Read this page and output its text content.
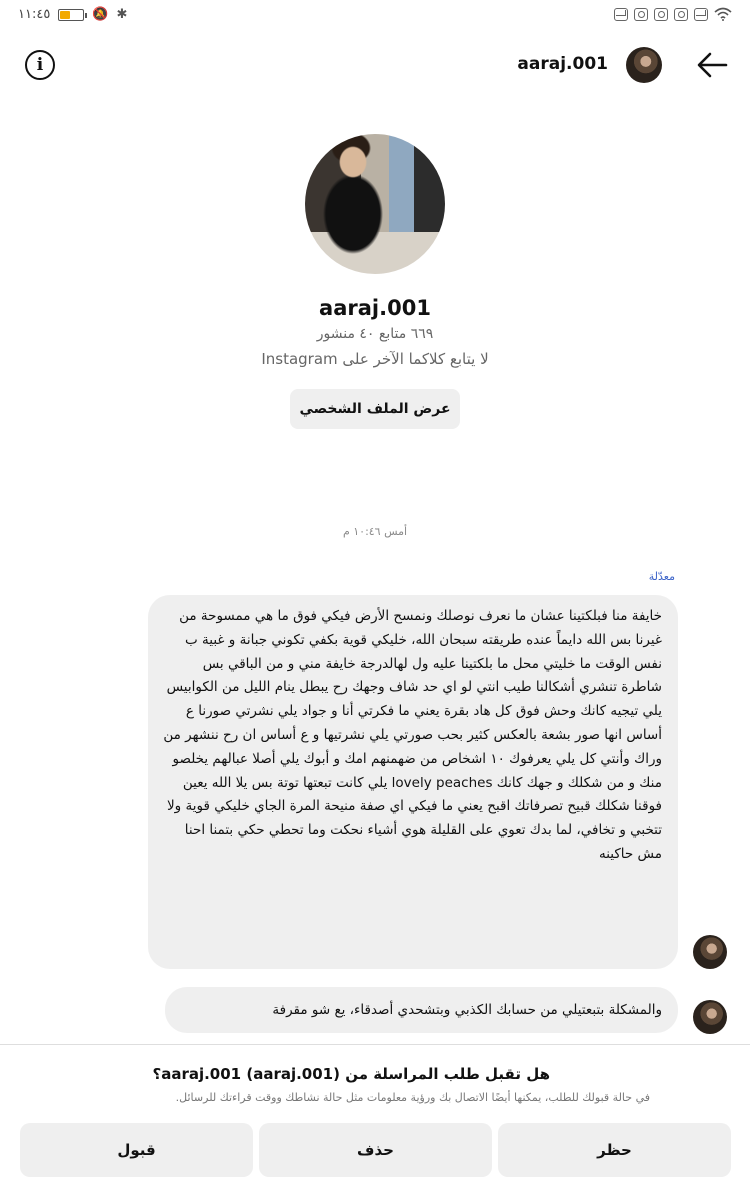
١١:٤٥	🔕 ✱
i	aaraj.001
aaraj.001
٦٦٩ متابع ٤٠ منشور
لا يتابع كلاكما الآخر على Instagram
عرض الملف الشخصي
أمس ١٠:٤٦ م
معدّلة
خايفة منا فبلكتينا عشان ما نعرف نوصلك ونمسح الأرض فيكي فوق ما هي ممسوحة من غيرنا بس الله دايماً عنده طريقته سبحان الله، خليكي قوية بكفي تكوني جبانة و غبية ب نفس الوقت ما خليتي محل ما بلكتينا عليه ول لهالدرجة خايفة مني و من الباقي بس شاطرة تنشري أشكالنا طيب انتي لو اي حد شاف وجهك رح يبطل ينام الليل من الكوابيس يلي تيجيه كانك وحش فوق كل هاد بقرة يعني ما فكرتي أنا و جواد يلي نشرتي صورنا ع أساس انها صور بشعة بالعكس كثير بحب صورتي يلي نشرتيها و ع أساس ان رح ننشهر من وراك وأنتي كل يلي يعرفوك ١٠ اشخاص من ضهمنهم امك و أبوك يلي أصلا عبالهم يخلصو منك و من شكلك و جهك كانك lovely peaches يلي كانت تبعتها توتة بس يلا الله يعين فوقنا شكلك قبيح تصرفاتك اقبح يعني ما فيكي اي صفة منيحة المرة الجاي خليكي قوية ولا تتخبي و تخافي، لما بدك تعوي على القليلة هوي أشياء نحكت وما تحطي حكي بتمنا احنا مش حاكينه
والمشكلة بتبعتيلي من حسابك الكذبي وبتشحدي أصدقاء، يع شو مقرفة
هل تقبل طلب المراسلة من aaraj.001 (aaraj.001)؟
في حالة قبولك للطلب، يمكنها أيضًا الاتصال بك ورؤية معلومات مثل حالة نشاطك ووقت قراءتك للرسائل.
قبول	حذف	حظر
